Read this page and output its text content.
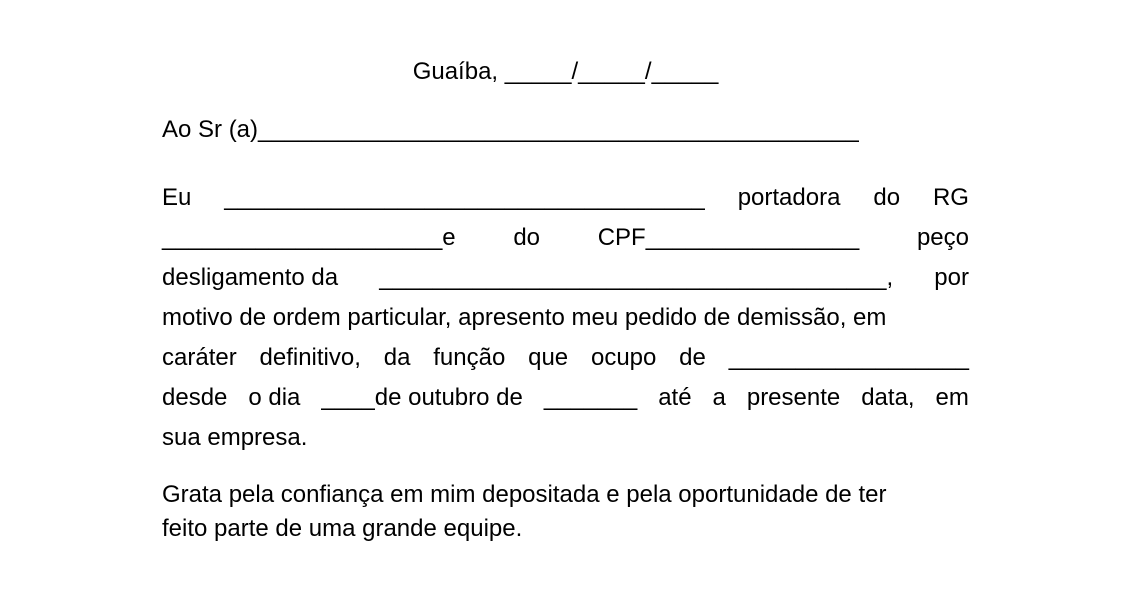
Guaíba, _____/_____/_____
Ao Sr (a)_____________________________________________
Eu ____________________________________ portadora do RG
_____________________e do CPF________________ peço
desligamento da ______________________________________, por
motivo de ordem particular, apresento meu pedido de demissão, em
caráter definitivo, da função que ocupo de __________________
desde o dia ____de outubro de _______ até a presente data, em
sua empresa.
Grata pela confiança em mim depositada e pela oportunidade de ter
feito parte de uma grande equipe.
